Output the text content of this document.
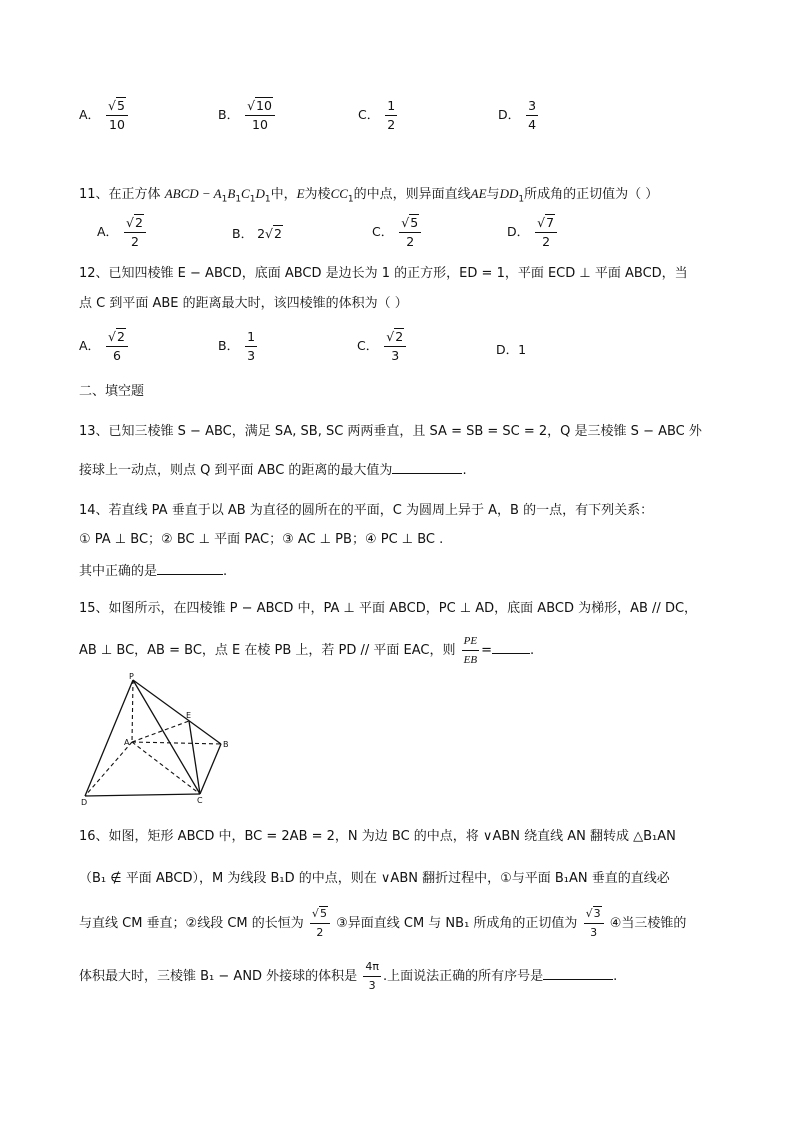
A． $\frac{√5}{10}$	B． $\frac{√10}{10}$	C． $\frac{1}{2}$	D． $\frac{3}{4}$
11、在正方体 ABCD − $A_1B_1C_1D_1$中，E为棱$CC_1$的中点，则异面直线AE与$DD_1$所成角的正切值为（ ）
A． $\frac{√2}{2}$	B． 2√2	C． $\frac{√5}{2}$	D． $\frac{√7}{2}$
12、已知四棱锥 E − ABCD，底面 ABCD 是边长为 1 的正方形，ED = 1，平面 ECD ⊥ 平面 ABCD，当
点 C 到平面 ABE 的距离最大时，该四棱锥的体积为（ ）
A． $\frac{√2}{6}$	B． $\frac{1}{3}$	C． $\frac{√2}{3}$	D．1
二、填空题
13、已知三棱锥 S − ABC，满足 SA, SB, SC 两两垂直，且 SA = SB = SC = 2，Q 是三棱锥 S − ABC 外
接球上一动点，则点 Q 到平面 ABC 的距离的最大值为	.
14、若直线 PA 垂直于以 AB 为直径的圆所在的平面，C 为圆周上异于 A，B 的一点，有下列关系：
① PA ⊥ BC；② BC ⊥ 平面 PAC；③ AC ⊥ PB；④ PC ⊥ BC .
其中正确的是	.
15、如图所示，在四棱锥 P − ABCD 中，PA ⊥ 平面 ABCD，PC ⊥ AD，底面 ABCD 为梯形，AB // DC，
AB ⊥ BC，AB = BC，点 E 在棱 PB 上，若 PD // 平面 EAC，则 $\frac{PE}{EB}$ =	.
P
E
A	B
C
D
16、如图，矩形 ABCD 中，BC = 2AB = 2，N 为边 BC 的中点，将 ∨ABN 绕直线 AN 翻转成 △B₁AN
（B₁ ∉ 平面 ABCD），M 为线段 B₁D 的中点，则在 ∨ABN 翻折过程中，①与平面 B₁AN 垂直的直线必
与直线 CM 垂直；②线段 CM 的长恒为 $\frac{√5}{2}$ ③异面直线 CM 与 NB₁ 所成角的正切值为 $\frac{√3}{3}$ ④当三棱锥的
体积最大时，三棱锥 B₁ − AND 外接球的体积是 $\frac{4\pi}{3}$ .上面说法正确的所有序号是	.
